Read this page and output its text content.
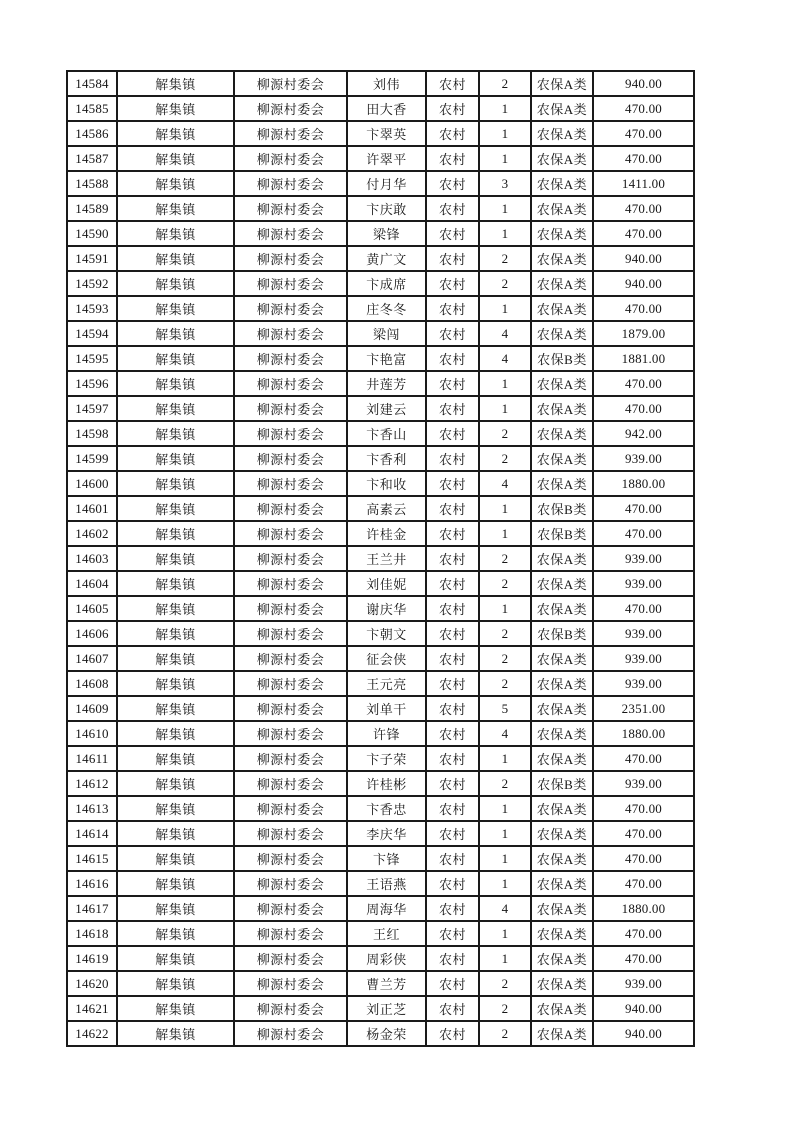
14584	解集镇	柳源村委会	刘伟	农村	2	农保A类	940.00
14585	解集镇	柳源村委会	田大香	农村	1	农保A类	470.00
14586	解集镇	柳源村委会	卞翠英	农村	1	农保A类	470.00
14587	解集镇	柳源村委会	许翠平	农村	1	农保A类	470.00
14588	解集镇	柳源村委会	付月华	农村	3	农保A类	1411.00
14589	解集镇	柳源村委会	卞庆敢	农村	1	农保A类	470.00
14590	解集镇	柳源村委会	梁锋	农村	1	农保A类	470.00
14591	解集镇	柳源村委会	黄广文	农村	2	农保A类	940.00
14592	解集镇	柳源村委会	卞成席	农村	2	农保A类	940.00
14593	解集镇	柳源村委会	庄冬冬	农村	1	农保A类	470.00
14594	解集镇	柳源村委会	梁闯	农村	4	农保A类	1879.00
14595	解集镇	柳源村委会	卞艳富	农村	4	农保B类	1881.00
14596	解集镇	柳源村委会	井莲芳	农村	1	农保A类	470.00
14597	解集镇	柳源村委会	刘建云	农村	1	农保A类	470.00
14598	解集镇	柳源村委会	卞香山	农村	2	农保A类	942.00
14599	解集镇	柳源村委会	卞香利	农村	2	农保A类	939.00
14600	解集镇	柳源村委会	卞和收	农村	4	农保A类	1880.00
14601	解集镇	柳源村委会	高素云	农村	1	农保B类	470.00
14602	解集镇	柳源村委会	许桂金	农村	1	农保B类	470.00
14603	解集镇	柳源村委会	王兰井	农村	2	农保A类	939.00
14604	解集镇	柳源村委会	刘佳妮	农村	2	农保A类	939.00
14605	解集镇	柳源村委会	谢庆华	农村	1	农保A类	470.00
14606	解集镇	柳源村委会	卞朝文	农村	2	农保B类	939.00
14607	解集镇	柳源村委会	征会侠	农村	2	农保A类	939.00
14608	解集镇	柳源村委会	王元亮	农村	2	农保A类	939.00
14609	解集镇	柳源村委会	刘单干	农村	5	农保A类	2351.00
14610	解集镇	柳源村委会	许锋	农村	4	农保A类	1880.00
14611	解集镇	柳源村委会	卞子荣	农村	1	农保A类	470.00
14612	解集镇	柳源村委会	许桂彬	农村	2	农保B类	939.00
14613	解集镇	柳源村委会	卞香忠	农村	1	农保A类	470.00
14614	解集镇	柳源村委会	李庆华	农村	1	农保A类	470.00
14615	解集镇	柳源村委会	卞锋	农村	1	农保A类	470.00
14616	解集镇	柳源村委会	王语燕	农村	1	农保A类	470.00
14617	解集镇	柳源村委会	周海华	农村	4	农保A类	1880.00
14618	解集镇	柳源村委会	王红	农村	1	农保A类	470.00
14619	解集镇	柳源村委会	周彩侠	农村	1	农保A类	470.00
14620	解集镇	柳源村委会	曹兰芳	农村	2	农保A类	939.00
14621	解集镇	柳源村委会	刘正芝	农村	2	农保A类	940.00
14622	解集镇	柳源村委会	杨金荣	农村	2	农保A类	940.00
